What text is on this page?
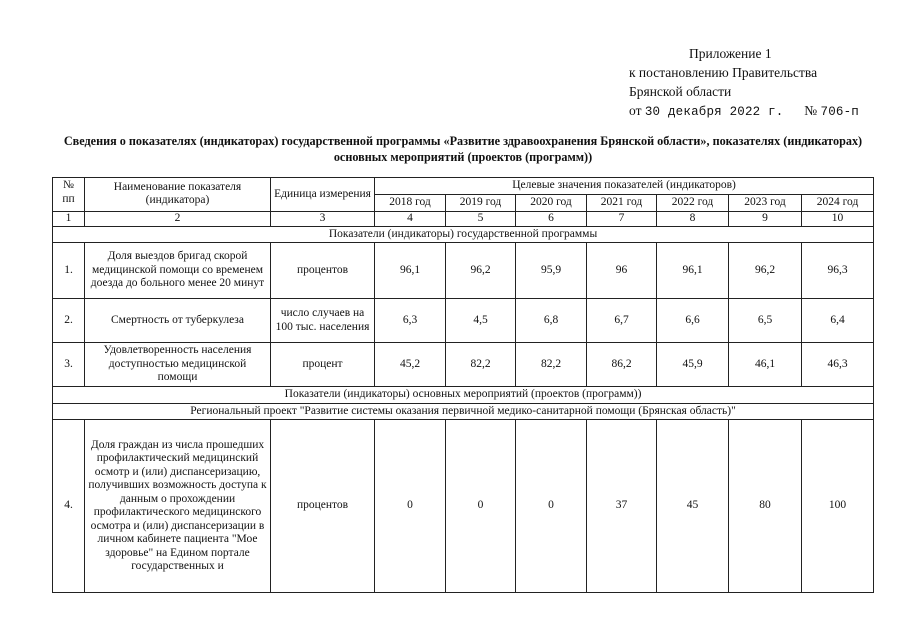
Приложение 1
к постановлению Правительства
Брянской области
от 30 декабря 2022 г. № 706-п
Сведения о показателях (индикаторах) государственной программы «Развитие здравоохранения Брянской области», показателях (индикаторах) основных мероприятий (проектов (программ))
№ пп	Наименование показателя (индикатора)	Единица измерения	Целевые значения показателей (индикаторов)						
			2018 год	2019 год	2020 год	2021 год	2022 год	2023 год	2024 год
1	2	3	4	5	6	7	8	9	10
Показатели (индикаторы) государственной программы									
1.	Доля выездов бригад скорой медицинской помощи со временем доезда до больного менее 20 минут	процентов	96,1	96,2	95,9	96	96,1	96,2	96,3
2.	Смертность от туберкулеза	число случаев на 100 тыс. населения	6,3	4,5	6,8	6,7	6,6	6,5	6,4
3.	Удовлетворенность населения доступностью медицинской помощи	процент	45,2	82,2	82,2	86,2	45,9	46,1	46,3
Показатели (индикаторы) основных мероприятий (проектов (программ))									
Региональный проект "Развитие системы оказания первичной медико-санитарной помощи (Брянская область)"									
4.	Доля граждан из числа прошедших профилактический медицинский осмотр и (или) диспансеризацию, получивших возможность доступа к данным о прохождении профилактического медицинского осмотра и (или) диспансеризации в личном кабинете пациента "Мое здоровье" на Едином портале государственных и	процентов	0	0	0	37	45	80	100
